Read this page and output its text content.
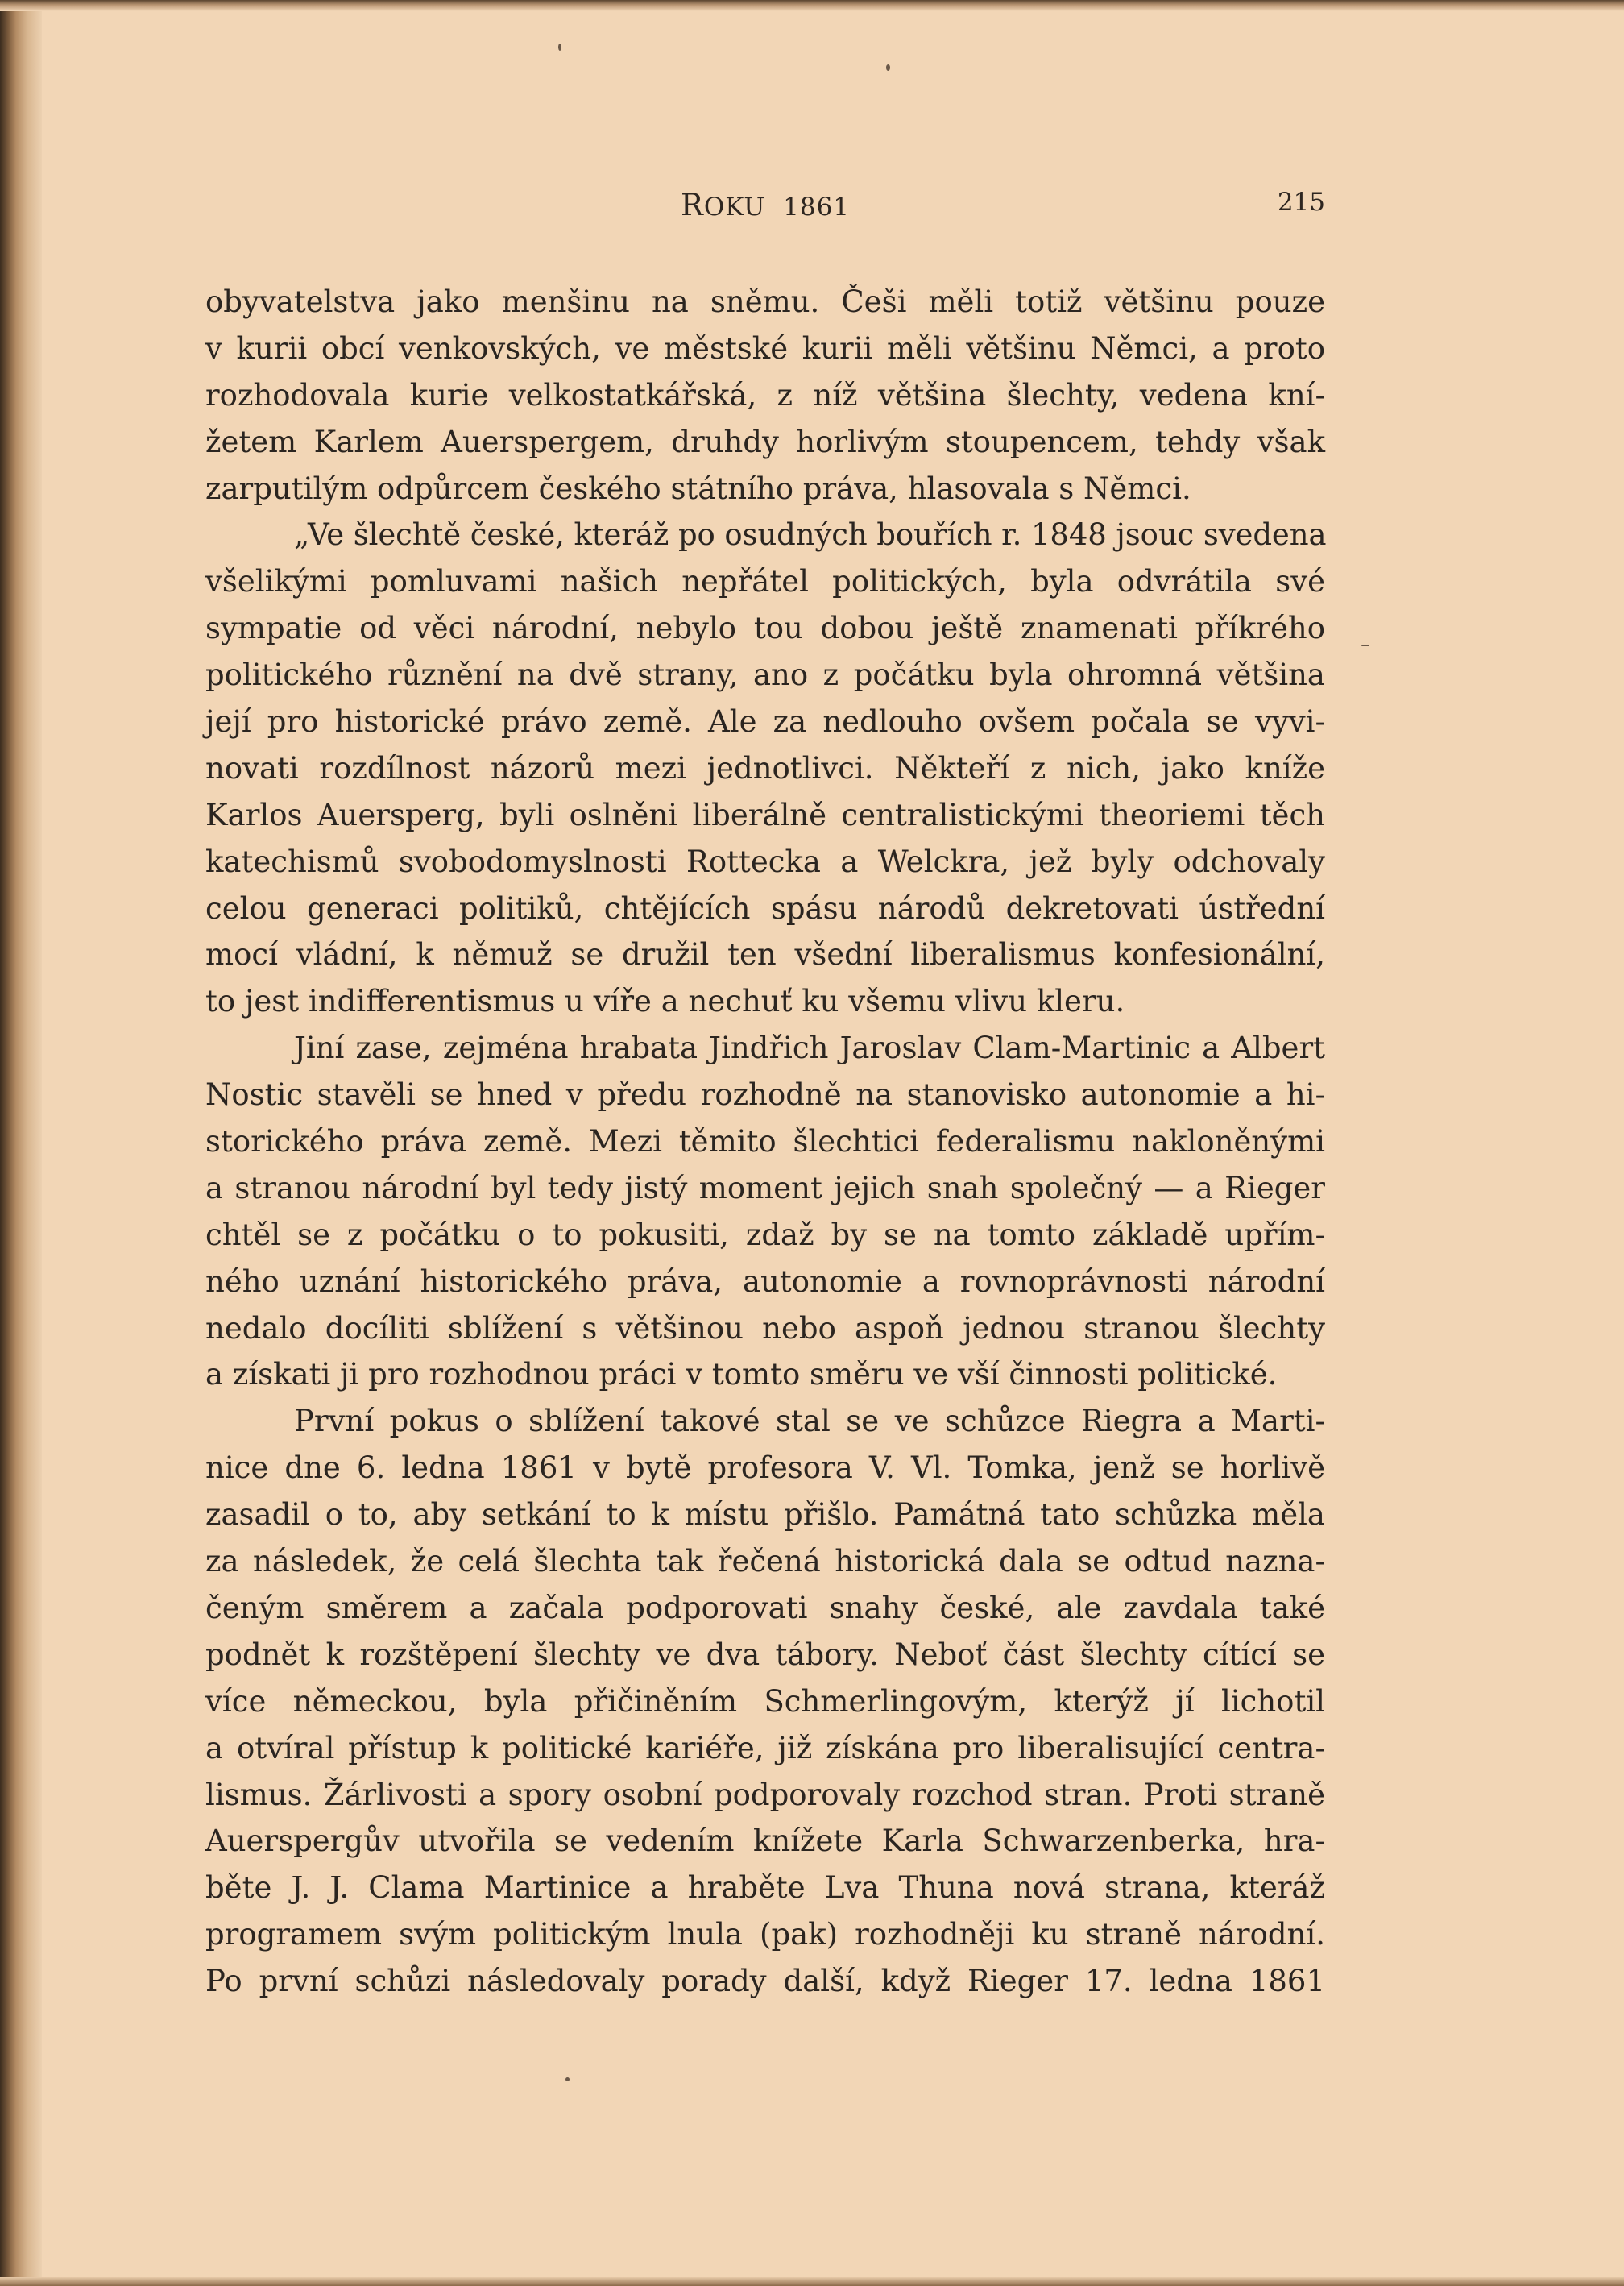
ROKU 1861	215
obyvatelstva jako menšinu na sněmu. Češi měli totiž většinu pouze
v kurii obcí venkovských, ve městské kurii měli většinu Němci, a proto
rozhodovala kurie velkostatkářská, z níž většina šlechty, vedena kní-
žetem Karlem Auerspergem, druhdy horlivým stoupencem, tehdy však
zarputilým odpůrcem českého státního práva, hlasovala s Němci.
„Ve šlechtě české, kteráž po osudných bouřích r. 1848 jsouc svedena
všelikými pomluvami našich nepřátel politických, byla odvrátila své
sympatie od věci národní, nebylo tou dobou ještě znamenati příkrého
politického různění na dvě strany, ano z počátku byla ohromná většina
její pro historické právo země. Ale za nedlouho ovšem počala se vyvi-
novati rozdílnost názorů mezi jednotlivci. Někteří z nich, jako kníže
Karlos Auersperg, byli oslněni liberálně centralistickými theoriemi těch
katechismů svobodomyslnosti Rottecka a Welckra, jež byly odchovaly
celou generaci politiků, chtějících spásu národů dekretovati ústřední
mocí vládní, k němuž se družil ten všední liberalismus konfesionální,
to jest indifferentismus u víře a nechuť ku všemu vlivu kleru.
Jiní zase, zejména hrabata Jindřich Jaroslav Clam-Martinic a Albert
Nostic stavěli se hned v předu rozhodně na stanovisko autonomie a hi-
storického práva země. Mezi těmito šlechtici federalismu nakloněnými
a stranou národní byl tedy jistý moment jejich snah společný — a Rieger
chtěl se z počátku o to pokusiti, zdaž by se na tomto základě upřím-
ného uznání historického práva, autonomie a rovnoprávnosti národní
nedalo docíliti sblížení s většinou nebo aspoň jednou stranou šlechty
a získati ji pro rozhodnou práci v tomto směru ve vší činnosti politické.
První pokus o sblížení takové stal se ve schůzce Riegra a Marti-
nice dne 6. ledna 1861 v bytě profesora V. Vl. Tomka, jenž se horlivě
zasadil o to, aby setkání to k místu přišlo. Památná tato schůzka měla
za následek, že celá šlechta tak řečená historická dala se odtud nazna-
čeným směrem a začala podporovati snahy české, ale zavdala také
podnět k rozštěpení šlechty ve dva tábory. Neboť část šlechty cítící se
více německou, byla přičiněním Schmerlingovým, kterýž jí lichotil
a otvíral přístup k politické kariéře, již získána pro liberalisující centra-
lismus. Žárlivosti a spory osobní podporovaly rozchod stran. Proti straně
Auerspergův utvořila se vedením knížete Karla Schwarzenberka, hra-
běte J. J. Clama Martinice a hraběte Lva Thuna nová strana, kteráž
programem svým politickým lnula (pak) rozhodněji ku straně národní.
Po první schůzi následovaly porady další, když Rieger 17. ledna 1861
